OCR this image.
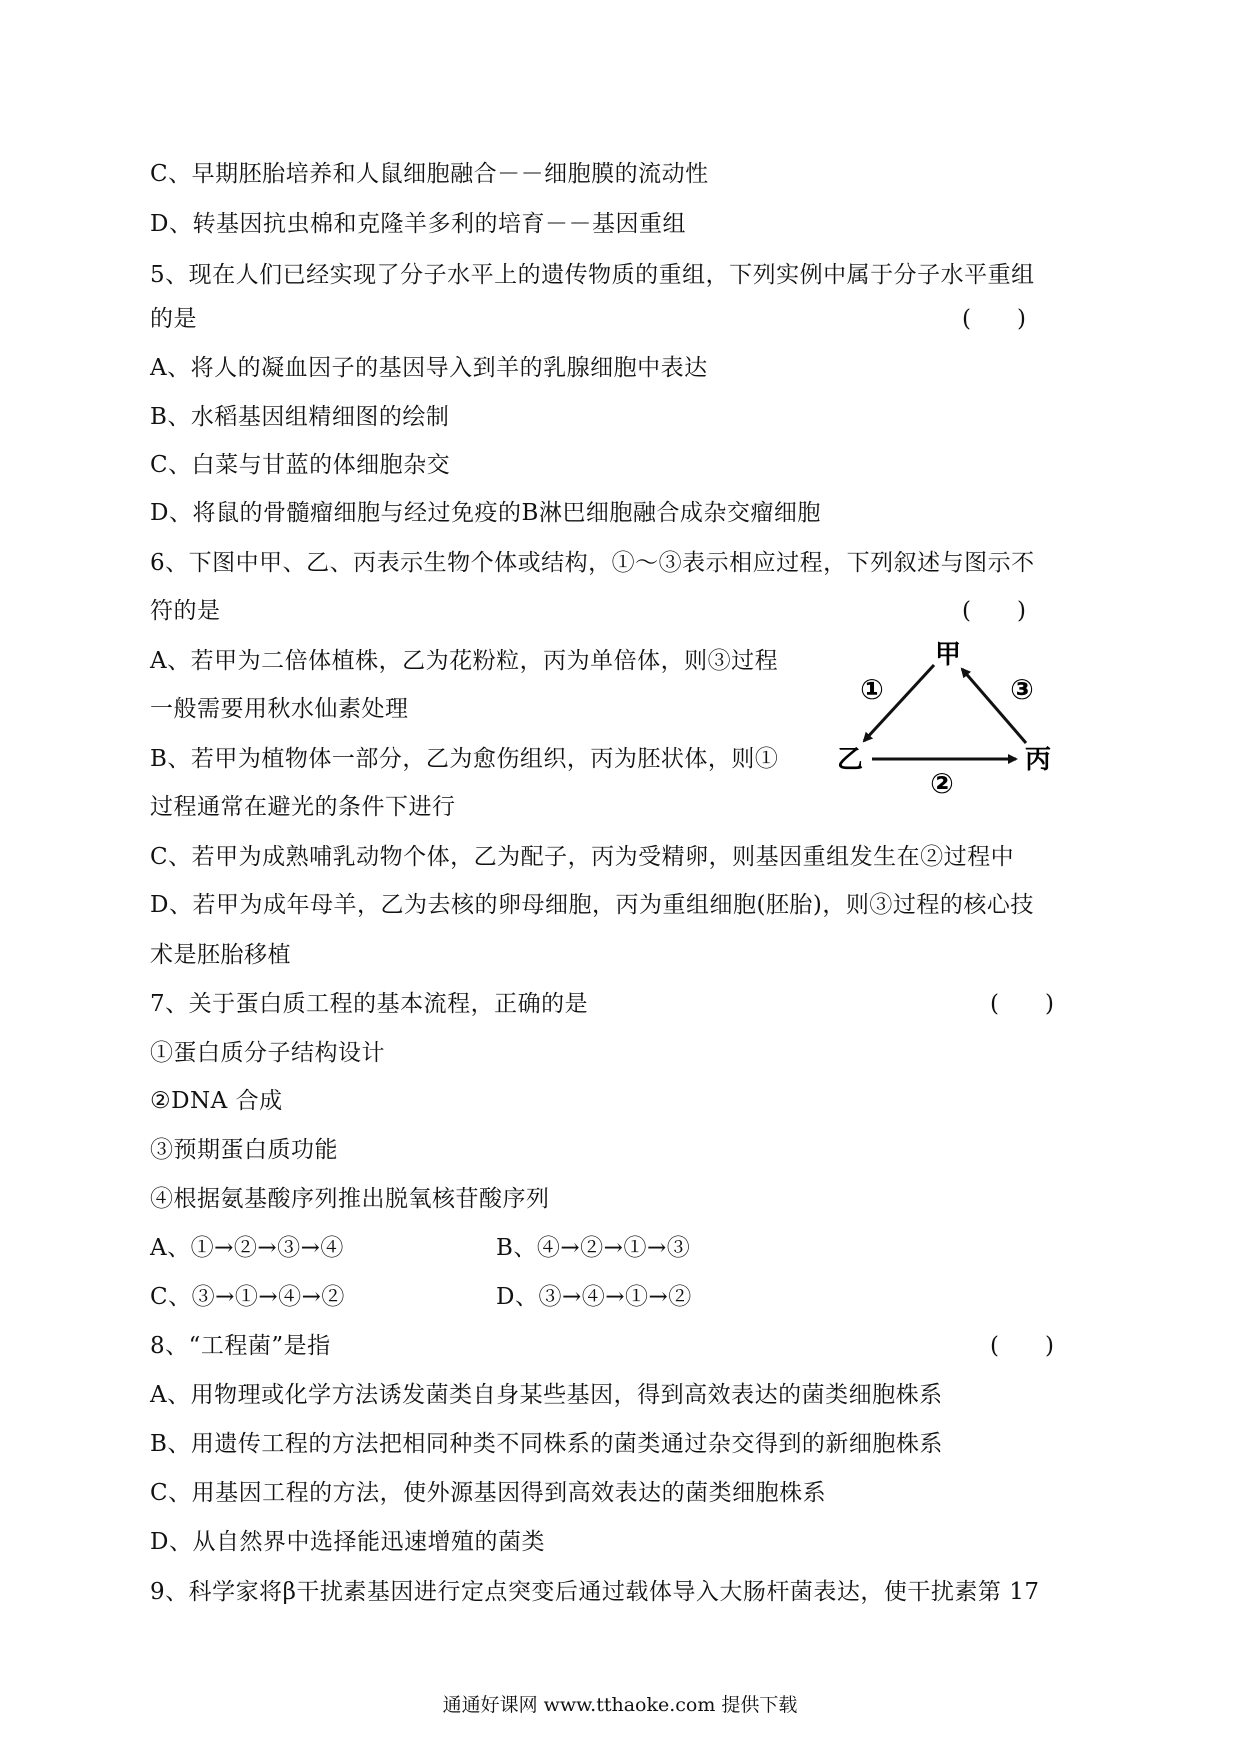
C、早期胚胎培养和人鼠细胞融合－－细胞膜的流动性
D、转基因抗虫棉和克隆羊多利的培育－－基因重组
5、现在人们已经实现了分子水平上的遗传物质的重组，下列实例中属于分子水平重组
的是	(　　)
A、将人的凝血因子的基因导入到羊的乳腺细胞中表达
B、水稻基因组精细图的绘制
C、白菜与甘蓝的体细胞杂交
D、将鼠的骨髓瘤细胞与经过免疫的B淋巴细胞融合成杂交瘤细胞
6、下图中甲、乙、丙表示生物个体或结构，①～③表示相应过程，下列叙述与图示不
符的是	(　　)
A、若甲为二倍体植株，乙为花粉粒，丙为单倍体，则③过程
一般需要用秋水仙素处理
B、若甲为植物体一部分，乙为愈伤组织，丙为胚状体，则①
过程通常在避光的条件下进行
C、若甲为成熟哺乳动物个体，乙为配子，丙为受精卵，则基因重组发生在②过程中
D、若甲为成年母羊，乙为去核的卵母细胞，丙为重组细胞(胚胎)，则③过程的核心技
术是胚胎移植
7、关于蛋白质工程的基本流程，正确的是	(　　)
①蛋白质分子结构设计
②DNA 合成
③预期蛋白质功能
④根据氨基酸序列推出脱氧核苷酸序列
A、①→②→③→④	B、④→②→①→③
C、③→①→④→②	D、③→④→①→②
8、“工程菌”是指	(　　)
A、用物理或化学方法诱发菌类自身某些基因，得到高效表达的菌类细胞株系
B、用遗传工程的方法把相同种类不同株系的菌类通过杂交得到的新细胞株系
C、用基因工程的方法，使外源基因得到高效表达的菌类细胞株系
D、从自然界中选择能迅速增殖的菌类
9、科学家将β干扰素基因进行定点突变后通过载体导入大肠杆菌表达，使干扰素第 17
甲
乙	丙
①
②
③
通通好课网 www.tthaoke.com 提供下载
